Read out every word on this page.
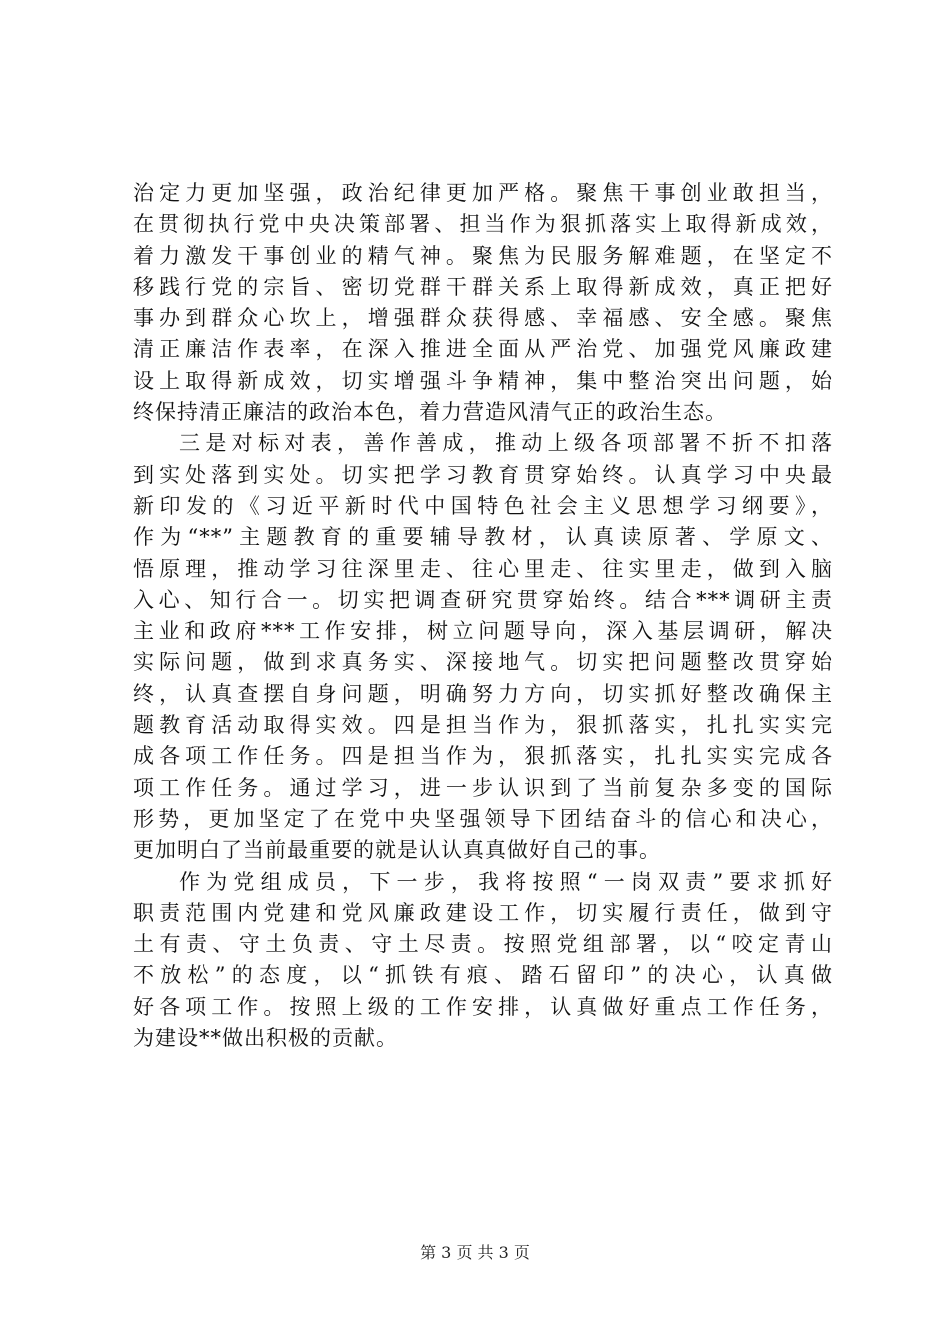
治定力更加坚强，政治纪律更加严格。聚焦干事创业敢担当，
在贯彻执行党中央决策部署、担当作为狠抓落实上取得新成效，
着力激发干事创业的精气神。聚焦为民服务解难题，在坚定不
移践行党的宗旨、密切党群干群关系上取得新成效，真正把好
事办到群众心坎上，增强群众获得感、幸福感、安全感。聚焦
清正廉洁作表率，在深入推进全面从严治党、加强党风廉政建
设上取得新成效，切实增强斗争精神，集中整治突出问题，始
终保持清正廉洁的政治本色，着力营造风清气正的政治生态。
三是对标对表，善作善成，推动上级各项部署不折不扣落
到实处落到实处。切实把学习教育贯穿始终。认真学习中央最
新印发的《习近平新时代中国特色社会主义思想学习纲要》，
作为“**”主题教育的重要辅导教材，认真读原著、学原文、
悟原理，推动学习往深里走、往心里走、往实里走，做到入脑
入心、知行合一。切实把调查研究贯穿始终。结合***调研主责
主业和政府***工作安排，树立问题导向，深入基层调研，解决
实际问题，做到求真务实、深接地气。切实把问题整改贯穿始
终，认真查摆自身问题，明确努力方向，切实抓好整改确保主
题教育活动取得实效。四是担当作为，狠抓落实，扎扎实实完
成各项工作任务。四是担当作为，狠抓落实，扎扎实实完成各
项工作任务。通过学习，进一步认识到了当前复杂多变的国际
形势，更加坚定了在党中央坚强领导下团结奋斗的信心和决心，
更加明白了当前最重要的就是认认真真做好自己的事。
作为党组成员，下一步，我将按照“一岗双责”要求抓好
职责范围内党建和党风廉政建设工作，切实履行责任，做到守
土有责、守土负责、守土尽责。按照党组部署，以“咬定青山
不放松”的态度，以“抓铁有痕、踏石留印”的决心，认真做
好各项工作。按照上级的工作安排，认真做好重点工作任务，
为建设**做出积极的贡献。
第 3 页 共 3 页
